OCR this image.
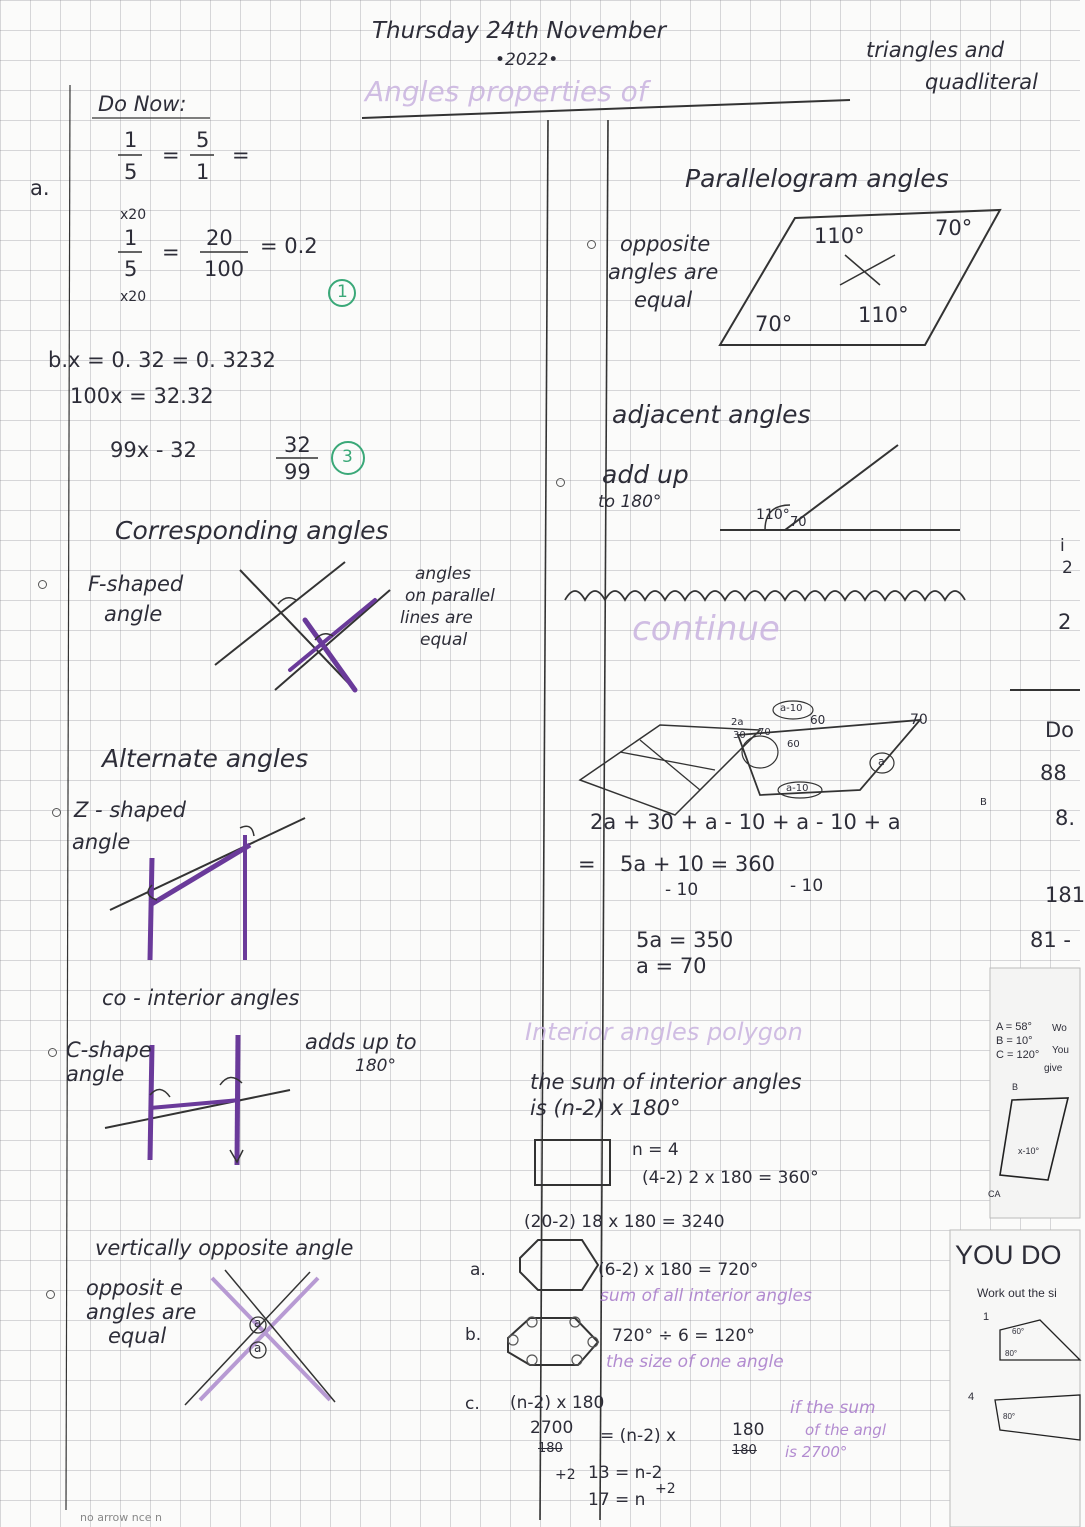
Thursday 24th November
•2022•
Angles properties of
triangles and
quadliteral
Do Now:
a.
1
5
=
5
1
=
x20
1
5
x20
=
20
100
= 0.2
1
b.x = 0. 32 = 0. 3232
100x = 32.32
99x - 32	32
99
3
Corresponding angles
F-shaped
angle
angles
on parallel
lines are
equal
Alternate angles
Z - shaped
angle
co - interior angles
C-shape
angle
adds up to
180°
vertically opposite angle
opposit e
angles are
equal
a
a
no arrow nce n
Parallelogram angles
opposite
angles are
equal
110°	70°
70°	110°
adjacent angles
add up
to 180°
110° 70
continue
2a
30 70
a-10
60
60
70
a
a-10
2a + 30 + a - 10 + a - 10 + a
= 5a + 10 = 360
- 10	- 10
5a = 350
a = 70
Interior angles polygon
the sum of interior angles
is (n-2) x 180°
n = 4
(4-2) 2 x 180 = 360°
(20-2) 18 x 180 = 3240
a.
b.
c.
(6-2) x 180 = 720°
sum of all interior angles
720° ÷ 6 = 120°
the size of one angle
(n-2) x 180
2700 = (n-2) x
180
180
180
+2 13 = n-2
+2
17 = n
if the sum
of the angl
is 2700°
Do
88
8.
181
81 -
2
2
i
B
A = 58°
B = 10°
C = 120°
Wo
You
give
x-10°
B
CA
YOU DO
Work out the si
1
4
60°
80°
80°
